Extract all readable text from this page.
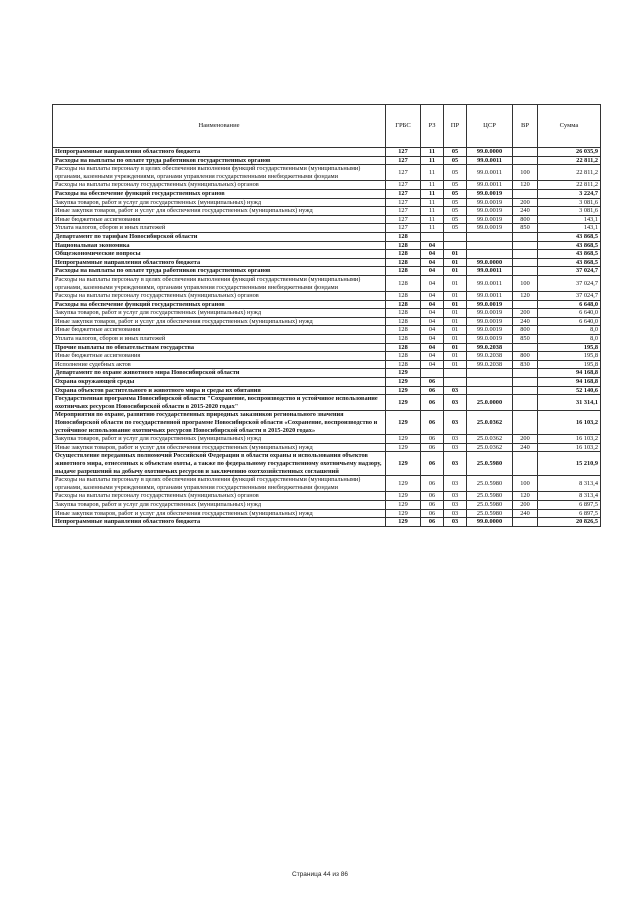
Наименование	ГРБС	РЗ	ПР	ЦСР	ВР	Сумма
Непрограммные направления областного бюджета	127	11	05	99.0.0000		26 035,9
Расходы на выплаты по оплате труда работников государственных органов	127	11	05	99.0.0011		22 811,2
Расходы на выплаты персоналу в целях обеспечения выполнения функций государственными (муниципальными) органами, казенными учреждениями, органами управления государственными внебюджетными фондами	127	11	05	99.0.0011	100	22 811,2
Расходы на выплаты персоналу государственных (муниципальных) органов	127	11	05	99.0.0011	120	22 811,2
Расходы на обеспечение функций государственных органов	127	11	05	99.0.0019		3 224,7
Закупка товаров, работ и услуг для государственных (муниципальных) нужд	127	11	05	99.0.0019	200	3 081,6
Иные закупки товаров, работ и услуг для обеспечения государственных (муниципальных) нужд	127	11	05	99.0.0019	240	3 081,6
Иные бюджетные ассигнования	127	11	05	99.0.0019	800	143,1
Уплата налогов, сборов и иных платежей	127	11	05	99.0.0019	850	143,1
Департамент по тарифам Новосибирской области	128					43 868,5
Национальная экономика	128	04				43 868,5
Общеэкономические вопросы	128	04	01			43 868,5
Непрограммные направления областного бюджета	128	04	01	99.0.0000		43 868,5
Расходы на выплаты по оплате труда работников государственных органов	128	04	01	99.0.0011		37 024,7
Расходы на выплаты персоналу в целях обеспечения выполнения функций государственными (муниципальными) органами, казенными учреждениями, органами управления государственными внебюджетными фондами	128	04	01	99.0.0011	100	37 024,7
Расходы на выплаты персоналу государственных (муниципальных) органов	128	04	01	99.0.0011	120	37 024,7
Расходы на обеспечение функций государственных органов	128	04	01	99.0.0019		6 648,0
Закупка товаров, работ и услуг для государственных (муниципальных) нужд	128	04	01	99.0.0019	200	6 640,0
Иные закупки товаров, работ и услуг для обеспечения государственных (муниципальных) нужд	128	04	01	99.0.0019	240	6 640,0
Иные бюджетные ассигнования	128	04	01	99.0.0019	800	8,0
Уплата налогов, сборов и иных платежей	128	04	01	99.0.0019	850	8,0
Прочие выплаты по обязательствам государства	128	04	01	99.0.2038		195,8
Иные бюджетные ассигнования	128	04	01	99.0.2038	800	195,8
Исполнение судебных актов	128	04	01	99.0.2038	830	195,8
Департамент по охране животного мира Новосибирской области	129					94 168,8
Охрана окружающей среды	129	06				94 168,8
Охрана объектов растительного и животного мира и среды их обитания	129	06	03			52 140,6
Государственная программа Новосибирской области "Сохранение, воспроизводство и устойчивое использование охотничьих ресурсов Новосибирской области в 2015-2020 годах"	129	06	03	25.0.0000		31 314,1
Мероприятия по охране, развитию государственных природных заказников регионального значения Новосибирской области по государственной программе Новосибирской области «Сохранение, воспроизводство и устойчивое использование охотничьих ресурсов Новосибирской области в 2015-2020 годах»	129	06	03	25.0.0362		16 103,2
Закупка товаров, работ и услуг для государственных (муниципальных) нужд	129	06	03	25.0.0362	200	16 103,2
Иные закупки товаров, работ и услуг для обеспечения государственных (муниципальных) нужд	129	06	03	25.0.0362	240	16 103,2
Осуществление переданных полномочий Российской Федерации в области охраны и использования объектов животного мира, отнесенных к объектам охоты, а также по федеральному государственному охотничьему надзору, выдаче разрешений на добычу охотничьих ресурсов и заключению охотхозяйственных соглашений	129	06	03	25.0.5980		15 210,9
Расходы на выплаты персоналу в целях обеспечения выполнения функций государственными (муниципальными) органами, казенными учреждениями, органами управления государственными внебюджетными фондами	129	06	03	25.0.5980	100	8 313,4
Расходы на выплаты персоналу государственных (муниципальных) органов	129	06	03	25.0.5980	120	8 313,4
Закупка товаров, работ и услуг для государственных (муниципальных) нужд	129	06	03	25.0.5980	200	6 897,5
Иные закупки товаров, работ и услуг для обеспечения государственных (муниципальных) нужд	129	06	03	25.0.5980	240	6 897,5
Непрограммные направления областного бюджета	129	06	03	99.0.0000		20 826,5
Страница 44 из 86
